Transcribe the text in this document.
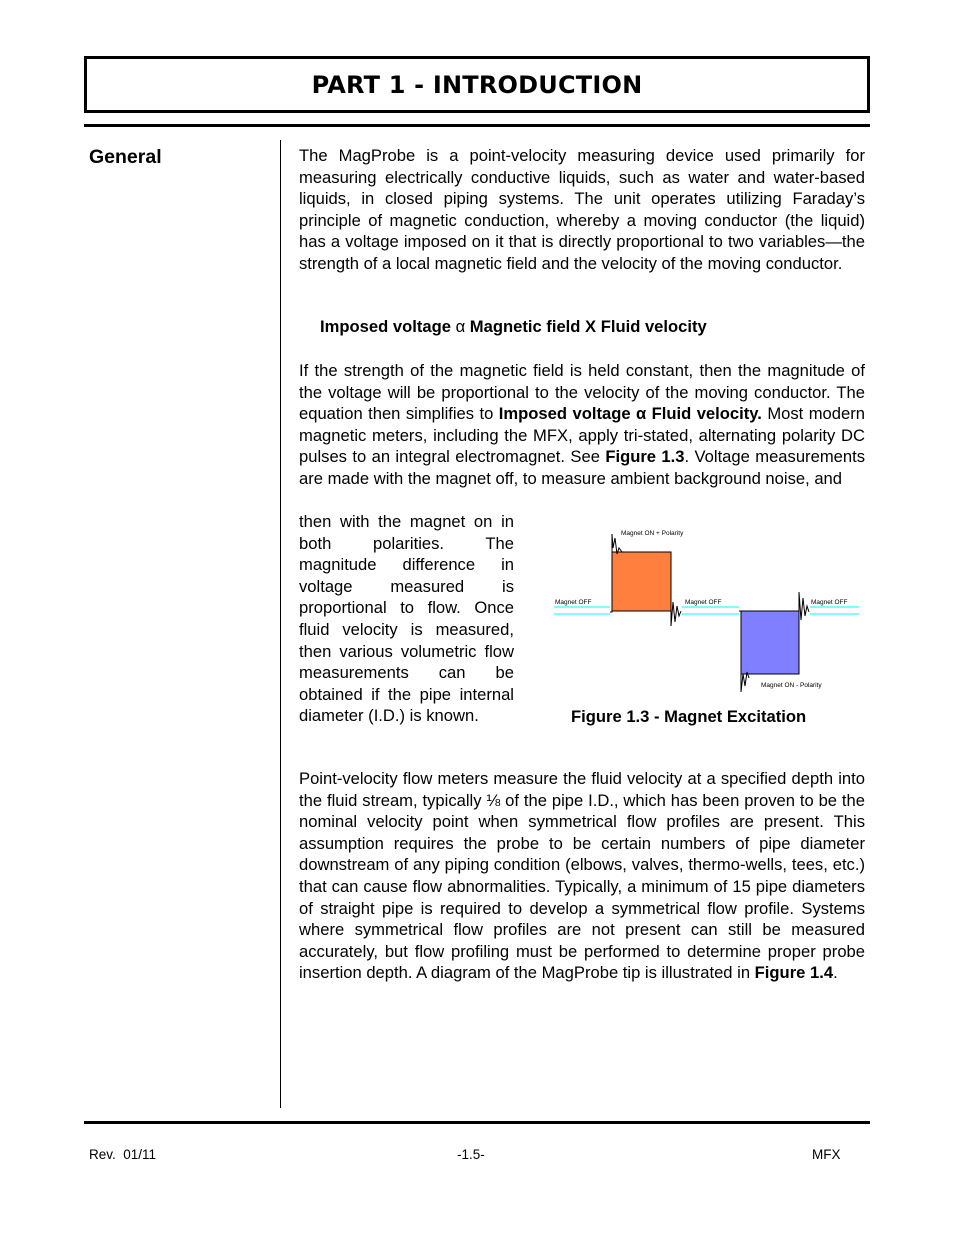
PART 1 - INTRODUCTION
General	The MagProbe is a point-velocity measuring device used primarily for measuring electrically conductive liquids, such as water and water-based liquids, in closed piping systems. The unit operates utilizing Faraday’s principle of magnetic conduction, whereby a moving conductor (the liquid) has a voltage imposed on it that is directly proportional to two variables—the strength of a local magnetic field and the velocity of the moving conductor.
Imposed voltage α Magnetic field X Fluid velocity
If the strength of the magnetic field is held constant, then the magnitude of the voltage will be proportional to the velocity of the moving conductor. The equation then simplifies to Imposed voltage α Fluid velocity. Most modern magnetic meters, including the MFX, apply tri-stated, alternating polarity DC pulses to an integral electromagnet. See Figure 1.3. Voltage measurements are made with the magnet off, to measure ambient background noise, and
then with the magnet on in both polarities. The magnitude difference in voltage measured is proportional to flow. Once fluid velocity is measured, then various volumetric flow measurements can be obtained if the pipe internal diameter (I.D.) is known.
Magnet OFF
Magnet ON + Polarity
Magnet OFF	Magnet OFF
Magnet ON - Polarity
Figure 1.3 - Magnet Excitation
Point-velocity flow meters measure the fluid velocity at a specified depth into the fluid stream, typically ⅛ of the pipe I.D., which has been proven to be the nominal velocity point when symmetrical flow profiles are present. This assumption requires the probe to be certain numbers of pipe diameter downstream of any piping condition (elbows, valves, thermo-wells, tees, etc.) that can cause flow abnormalities. Typically, a minimum of 15 pipe diameters of straight pipe is required to develop a symmetrical flow profile. Systems where symmetrical flow profiles are not present can still be measured accurately, but flow profiling must be performed to determine proper probe insertion depth. A diagram of the MagProbe tip is illustrated in Figure 1.4.
Rev.  01/11	-1.5-	MFX
